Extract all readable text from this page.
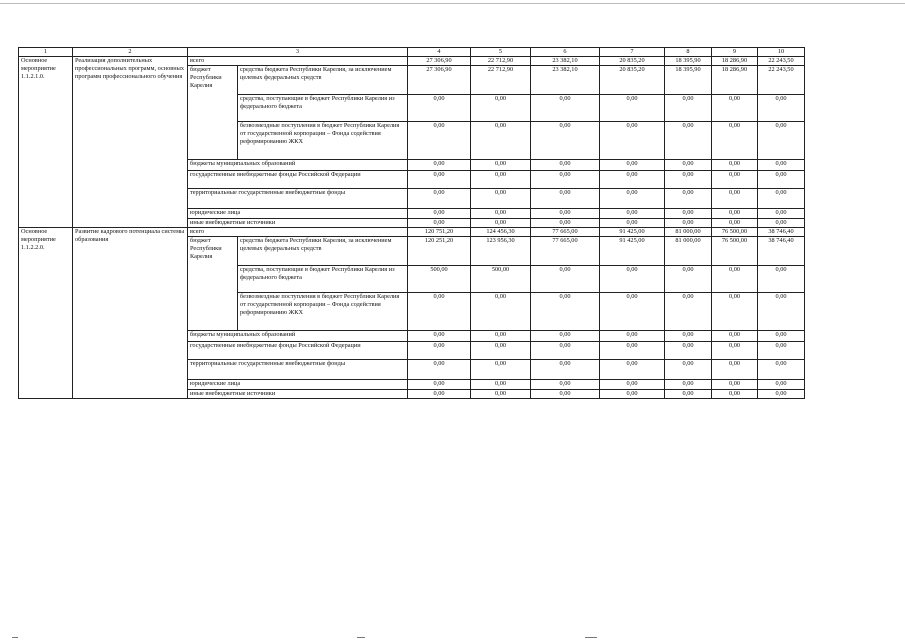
1	2	3		4	5	6	7	8	9	10
Основное мероприятие 1.1.2.1.0.	Реализация дополнительных профессиональных программ, основных программ профессионального обучения	всего		27 306,90	22 712,90	23 382,10	20 835,20	18 395,90	18 286,90	22 243,50

		бюджет Республики Карелия	средства бюджета Республики Карелия, за исключением целевых федеральных средств	27 306,90	22 712,90	23 382,10	20 835,20	18 395,90	18 286,90	22 243,50

			средства, поступающие в бюджет Республики Карелия из федерального бюджета	0,00	0,00	0,00	0,00	0,00	0,00	0,00

			безвозмездные поступления в бюджет Республики Карелия от государственной корпорации – Фонда содействия реформированию ЖКХ	0,00	0,00	0,00	0,00	0,00	0,00	0,00

		бюджеты муниципальных образований		0,00	0,00	0,00	0,00	0,00	0,00	0,00

		государственные внебюджетные фонды Российской Федерации		0,00	0,00	0,00	0,00	0,00	0,00	0,00

		территориальные государственные внебюджетные фонды		0,00	0,00	0,00	0,00	0,00	0,00	0,00

		юридические лица		0,00	0,00	0,00	0,00	0,00	0,00	0,00

		иные внебюджетные источники		0,00	0,00	0,00	0,00	0,00	0,00	0,00

Основное мероприятие 1.1.2.2.0.	Развитие кадрового потенциала системы образования	всего		120 751,20	124 456,30	77 665,00	91 425,00	81 000,00	76 500,00	38 746,40

		бюджет Республики Карелия	средства бюджета Республики Карелия, за исключением целевых федеральных средств	120 251,20	123 956,30	77 665,00	91 425,00	81 000,00	76 500,00	38 746,40

			средства, поступающие в бюджет Республики Карелия из федерального бюджета	500,00	500,00	0,00	0,00	0,00	0,00	0,00

			безвозмездные поступления в бюджет Республики Карелия от государственной корпорации – Фонда содействия реформированию ЖКХ	0,00	0,00	0,00	0,00	0,00	0,00	0,00

		бюджеты муниципальных образований		0,00	0,00	0,00	0,00	0,00	0,00	0,00

		государственные внебюджетные фонды Российской Федерации		0,00	0,00	0,00	0,00	0,00	0,00	0,00

		территориальные государственные внебюджетные фонды		0,00	0,00	0,00	0,00	0,00	0,00	0,00

		юридические лица		0,00	0,00	0,00	0,00	0,00	0,00	0,00

		иные внебюджетные источники		0,00	0,00	0,00	0,00	0,00	0,00	0,00
